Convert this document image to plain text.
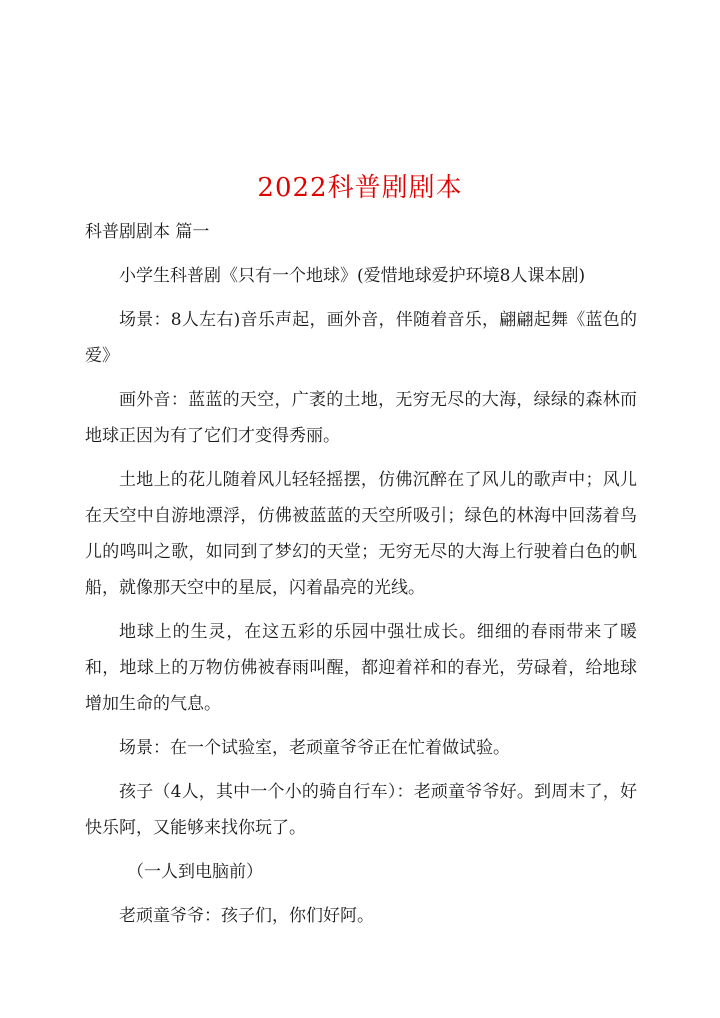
2022科普剧剧本

科普剧剧本 篇一

小学生科普剧《只有一个地球》(爱惜地球爱护环境8人课本剧)

场景：8人左右)音乐声起，画外音，伴随着音乐，翩翩起舞《蓝色的爱》

画外音：蓝蓝的天空，广袤的土地，无穷无尽的大海，绿绿的森林而地球正因为有了它们才变得秀丽。

土地上的花儿随着风儿轻轻摇摆，仿佛沉醉在了风儿的歌声中；风儿在天空中自游地漂浮，仿佛被蓝蓝的天空所吸引；绿色的林海中回荡着鸟儿的鸣叫之歌，如同到了梦幻的天堂；无穷无尽的大海上行驶着白色的帆船，就像那天空中的星辰，闪着晶亮的光线。

地球上的生灵，在这五彩的乐园中强壮成长。细细的春雨带来了暖和，地球上的万物仿佛被春雨叫醒，都迎着祥和的春光，劳碌着，给地球增加生命的气息。

场景：在一个试验室，老顽童爷爷正在忙着做试验。

孩子（4人，其中一个小的骑自行车）：老顽童爷爷好。到周末了，好快乐阿，又能够来找你玩了。

（一人到电脑前）

老顽童爷爷：孩子们，你们好阿。
